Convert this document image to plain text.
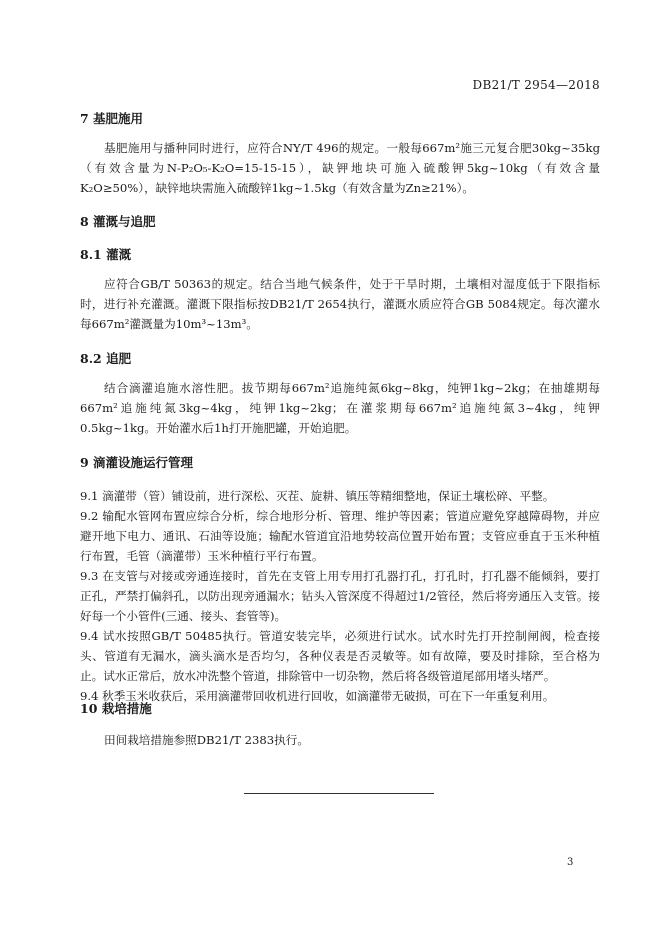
DB21/T 2954—2018
7 基肥施用
基肥施用与播种同时进行，应符合NY/T 496的规定。一般每667m²施三元复合肥30kg~35kg（有效含量为N-P₂O₅-K₂O=15-15-15），缺钾地块可施入硫酸钾5kg~10kg（有效含量K₂O≥50%），缺锌地块需施入硫酸锌1kg~1.5kg（有效含量为Zn≥21%）。
8 灌溉与追肥
8.1 灌溉
应符合GB/T 50363的规定。结合当地气候条件，处于干旱时期，土壤相对湿度低于下限指标时，进行补充灌溉。灌溉下限指标按DB21/T 2654执行，灌溉水质应符合GB 5084规定。每次灌水每667m²灌溉量为10m³~13m³。
8.2 追肥
结合滴灌追施水溶性肥。拔节期每667m²追施纯氮6kg~8kg，纯钾1kg~2kg；在抽雄期每667m²追施纯氮3kg~4kg，纯钾1kg~2kg；在灌浆期每667m²追施纯氮3~4kg，纯钾0.5kg~1kg。开始灌水后1h打开施肥罐，开始追肥。
9 滴灌设施运行管理
9.1 滴灌带（管）铺设前，进行深松、灭茬、旋耕、镇压等精细整地，保证土壤松碎、平整。
9.2 输配水管网布置应综合分析，综合地形分析、管理、维护等因素；管道应避免穿越障碍物，并应避开地下电力、通讯、石油等设施；输配水管道宜沿地势较高位置开始布置；支管应垂直于玉米种植行布置，毛管（滴灌带）玉米种植行平行布置。
9.3 在支管与对接或旁通连接时，首先在支管上用专用打孔器打孔，打孔时，打孔器不能倾斜，要打正孔，严禁打偏斜孔，以防出现旁通漏水；钻头入管深度不得超过1/2管径，然后将旁通压入支管。接好每一个小管件(三通、接头、套管等)。
9.4 试水按照GB/T 50485执行。管道安装完毕，必须进行试水。试水时先打开控制闸阀，检查接头、管道有无漏水，滴头滴水是否均匀，各种仪表是否灵敏等。如有故障，要及时排除，至合格为止。试水正常后，放水冲洗整个管道，排除管中一切杂物，然后将各级管道尾部用堵头堵严。
9.4 秋季玉米收获后，采用滴灌带回收机进行回收，如滴灌带无破损，可在下一年重复利用。
10 栽培措施
田间栽培措施参照DB21/T 2383执行。
3
